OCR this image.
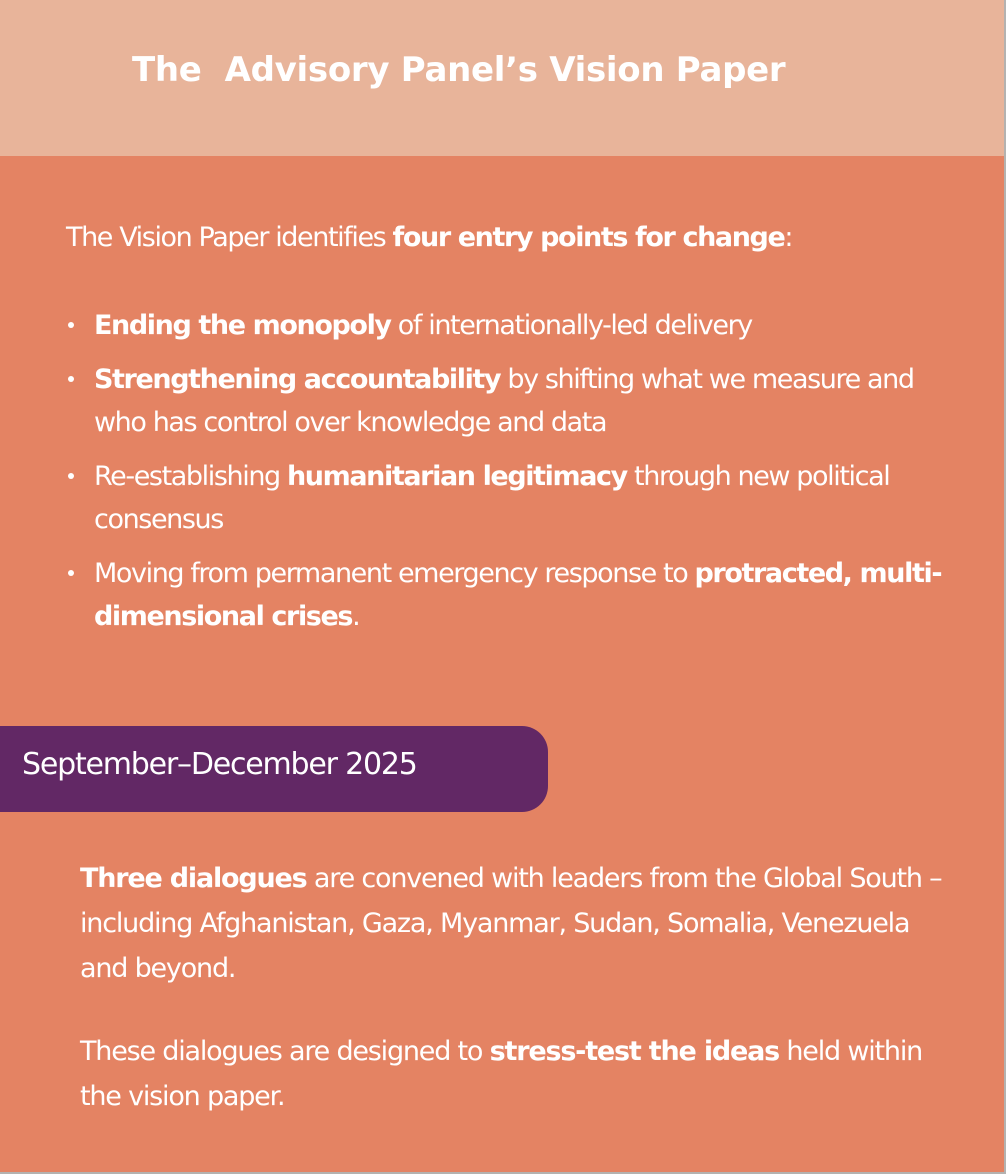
The  Advisory Panel’s Vision Paper

The Vision Paper identifies four entry points for change:

Ending the monopoly of internationally-led delivery
Strengthening accountability by shifting what we measure and who has control over knowledge and data
Re-establishing humanitarian legitimacy through new political consensus
Moving from permanent emergency response to protracted, multi-dimensional crises.
September–December 2025

Three dialogues are convened with leaders from the Global South – including Afghanistan, Gaza, Myanmar, Sudan, Somalia, Venezuela and beyond.

These dialogues are designed to stress-test the ideas held within the vision paper.
